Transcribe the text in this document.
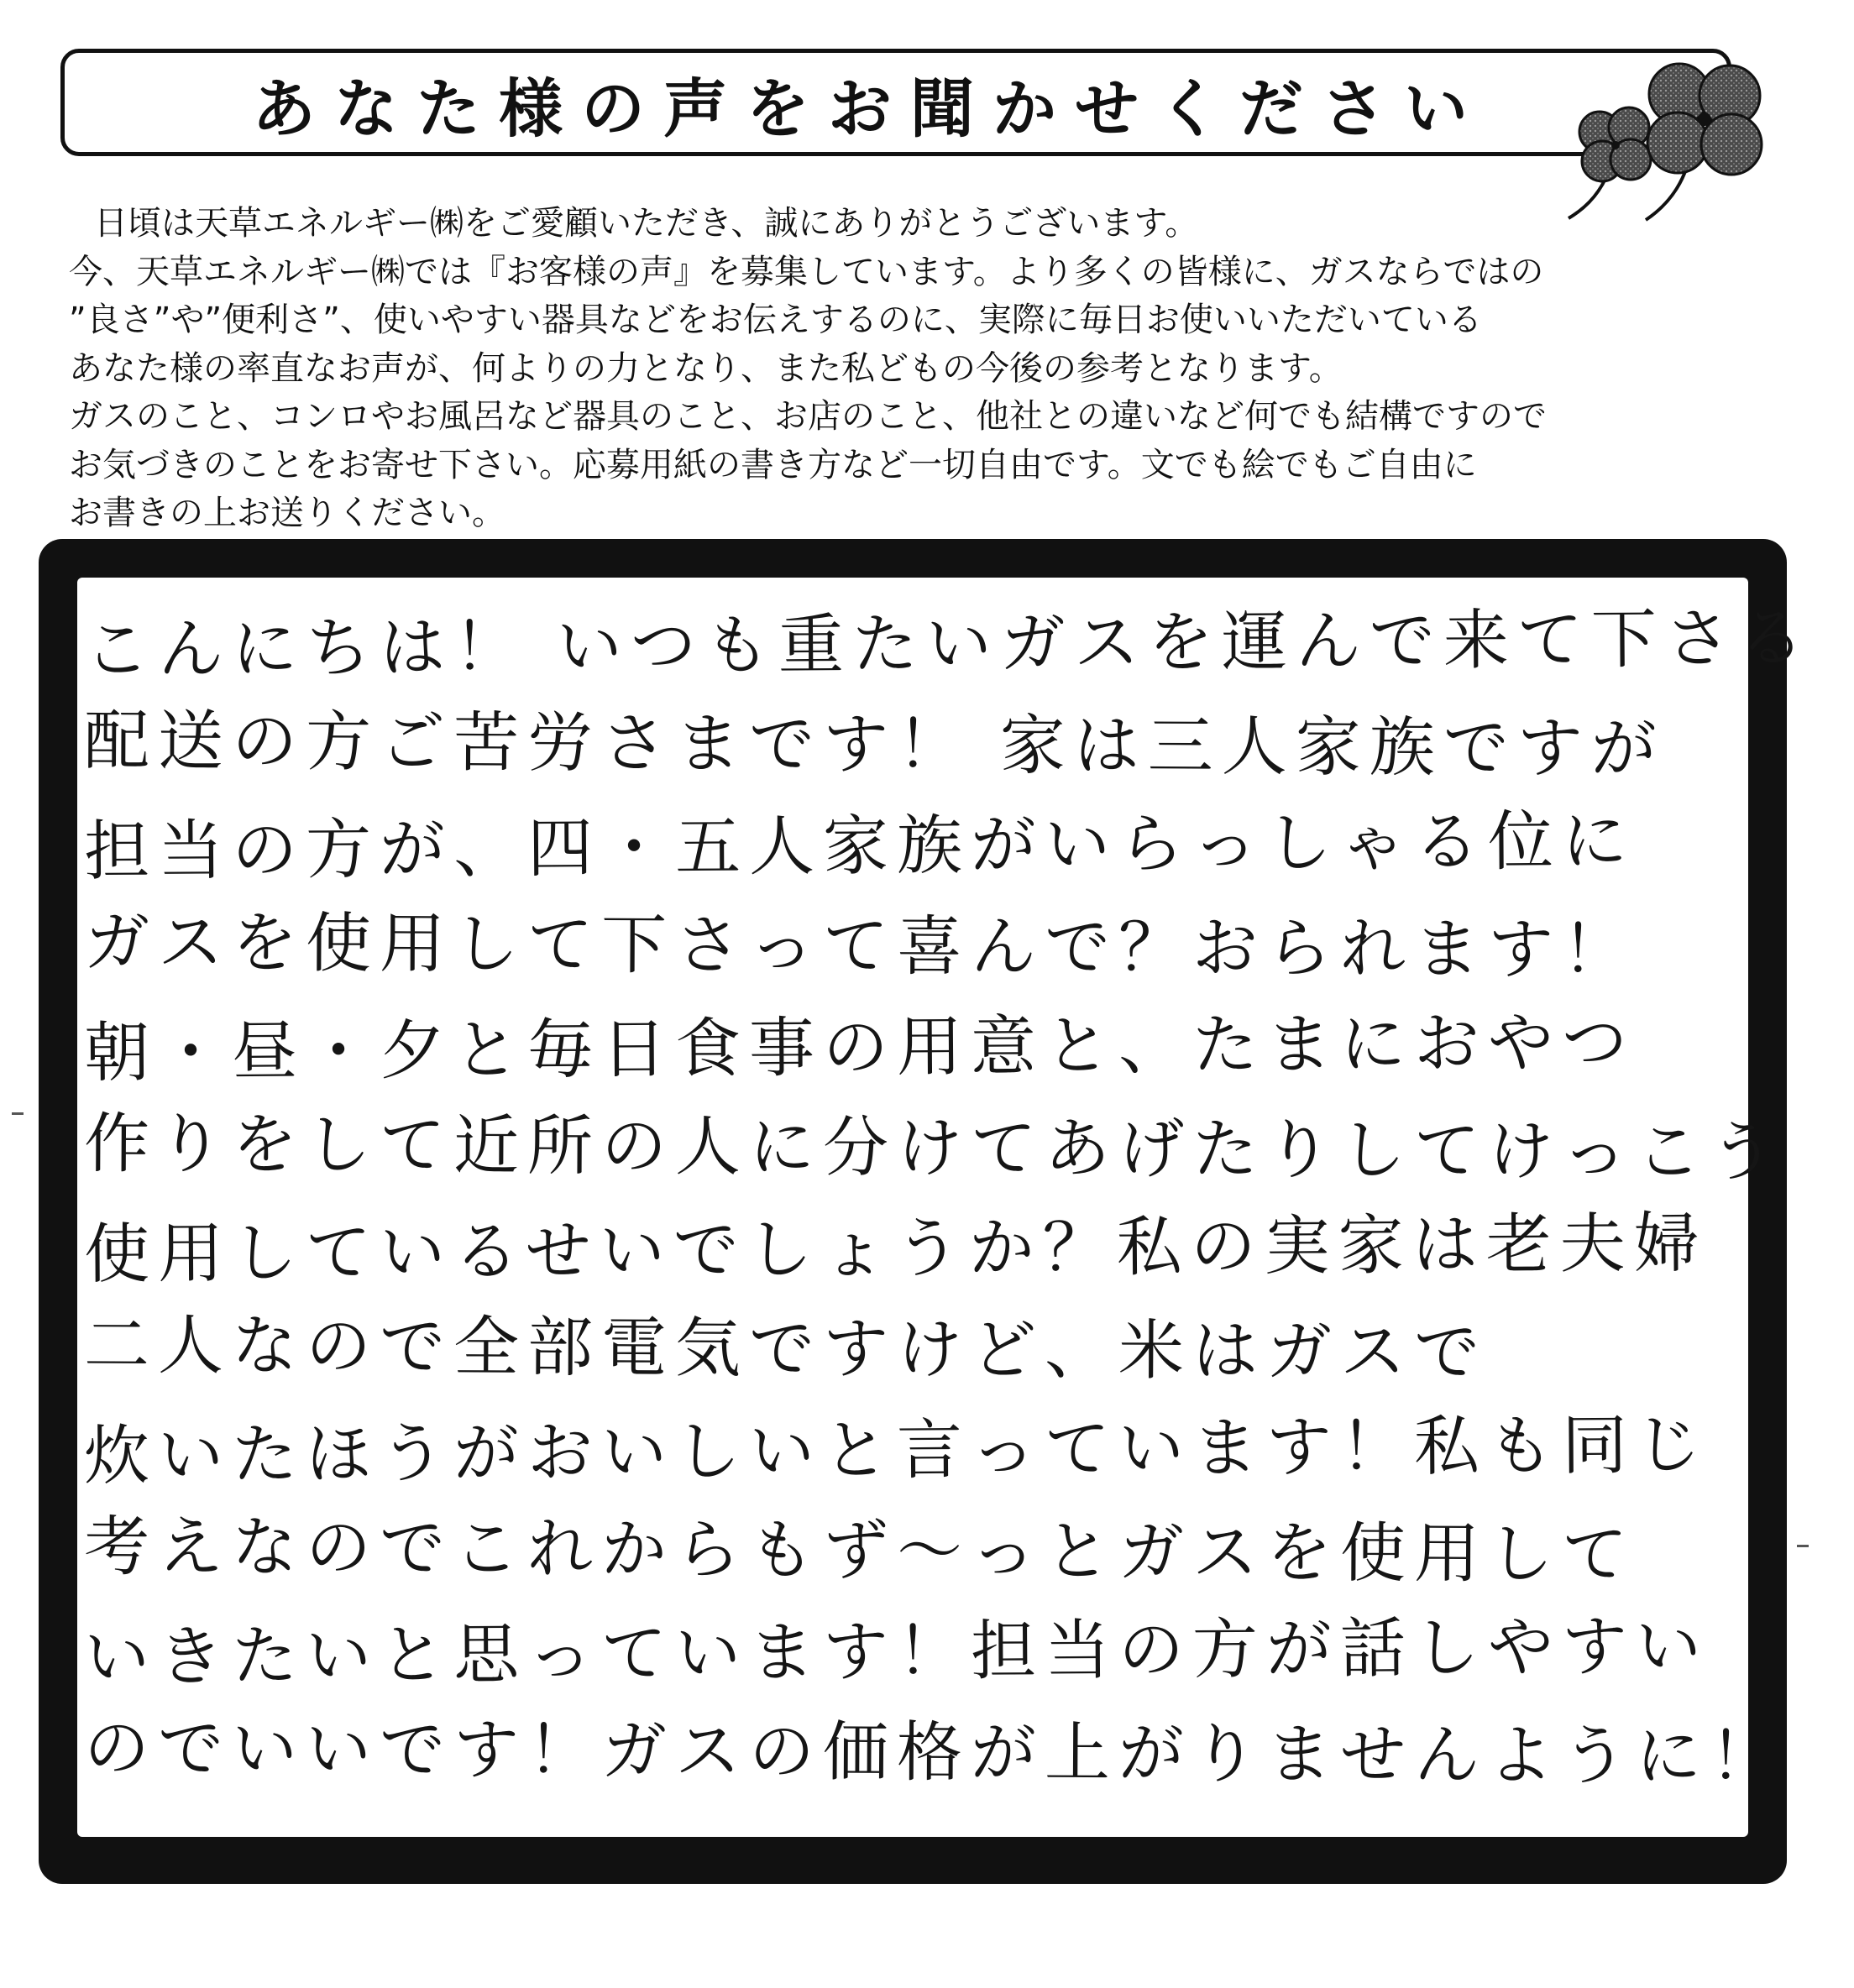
あなた様の声をお聞かせください
日頃は天草エネルギー㈱をご愛顧いただき、誠にありがとうございます。
今、天草エネルギー㈱では『お客様の声』を募集しています。より多くの皆様に、ガスならではの
”良さ”や”便利さ”、使いやすい器具などをお伝えするのに、実際に毎日お使いいただいている
あなた様の率直なお声が、何よりの力となり、また私どもの今後の参考となります。
ガスのこと、コンロやお風呂など器具のこと、お店のこと、他社との違いなど何でも結構ですので
お気づきのことをお寄せ下さい。応募用紙の書き方など一切自由です。文でも絵でもご自由に
お書きの上お送りください。
こんにちは！ いつも重たいガスを運んで来て下さる
配送の方ご苦労さまです！ 家は三人家族ですが
担当の方が、四・五人家族がいらっしゃる位に
ガスを使用して下さって喜んで？おられます！
朝・昼・夕と毎日食事の用意と、たまにおやつ
作りをして近所の人に分けてあげたりしてけっこう
使用しているせいでしょうか？私の実家は老夫婦
二人なので全部電気ですけど、米はガスで
炊いたほうがおいしいと言っています！私も同じ
考えなのでこれからもず〜っとガスを使用して
いきたいと思っています！担当の方が話しやすい
のでいいです！ガスの価格が上がりませんように！
